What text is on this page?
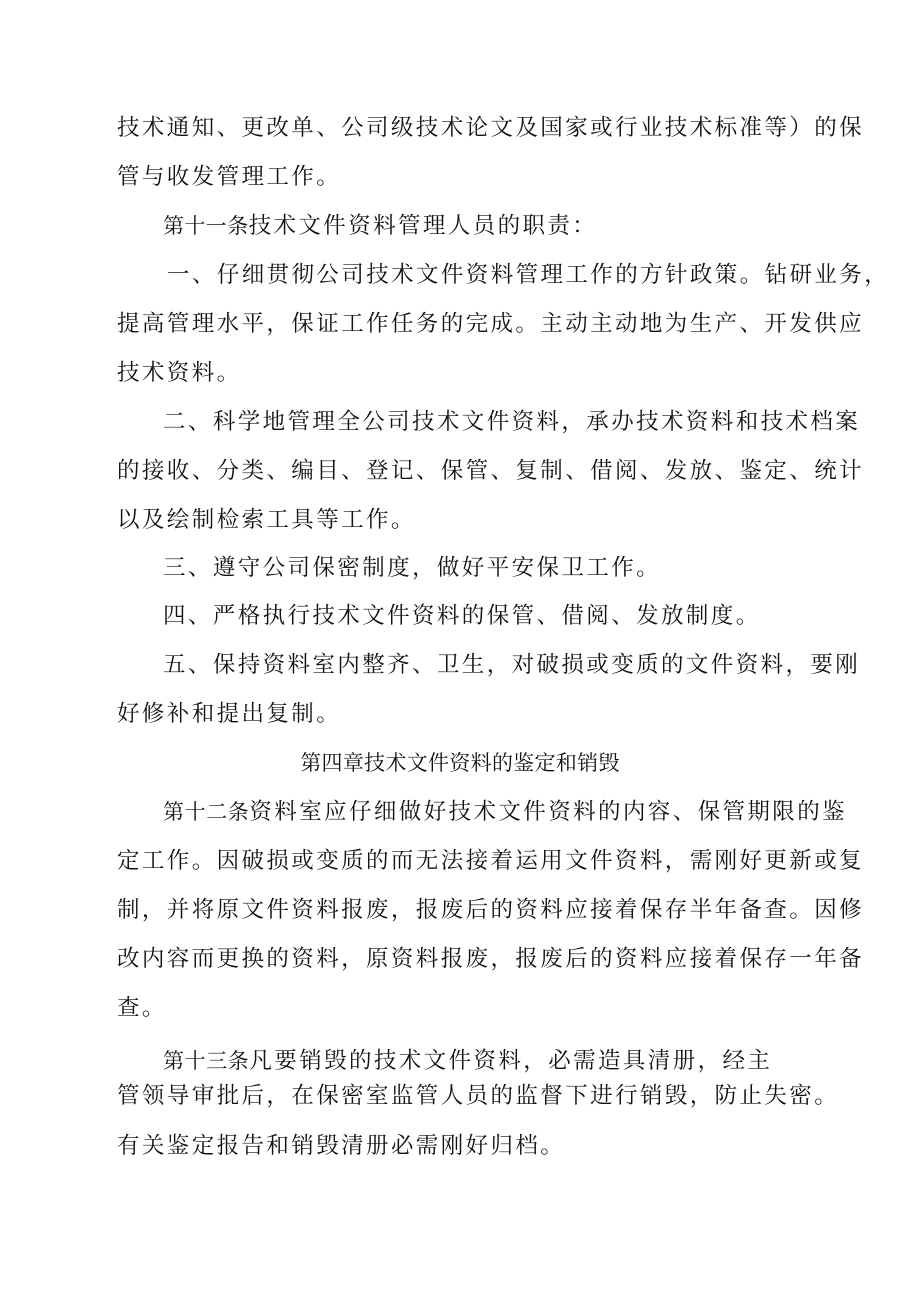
技术通知、更改单、公司级技术论文及国家或行业技术标准等）的保
管与收发管理工作。
第十一条技术文件资料管理人员的职责：
一、仔细贯彻公司技术文件资料管理工作的方针政策。钻研业务，
提高管理水平，保证工作任务的完成。主动主动地为生产、开发供应
技术资料。
二、科学地管理全公司技术文件资料，承办技术资料和技术档案
的接收、分类、编目、登记、保管、复制、借阅、发放、鉴定、统计
以及绘制检索工具等工作。
三、遵守公司保密制度，做好平安保卫工作。
四、严格执行技术文件资料的保管、借阅、发放制度。
五、保持资料室内整齐、卫生，对破损或变质的文件资料，要刚
好修补和提出复制。
第四章技术文件资料的鉴定和销毁
第十二条资料室应仔细做好技术文件资料的内容、保管期限的鉴
定工作。因破损或变质的而无法接着运用文件资料，需刚好更新或复
制，并将原文件资料报废，报废后的资料应接着保存半年备查。因修
改内容而更换的资料，原资料报废，报废后的资料应接着保存一年备
查。
第十三条凡要销毁的技术文件资料，必需造具清册，经主
管领导审批后，在保密室监管人员的监督下进行销毁，防止失密。
有关鉴定报告和销毁清册必需刚好归档。
